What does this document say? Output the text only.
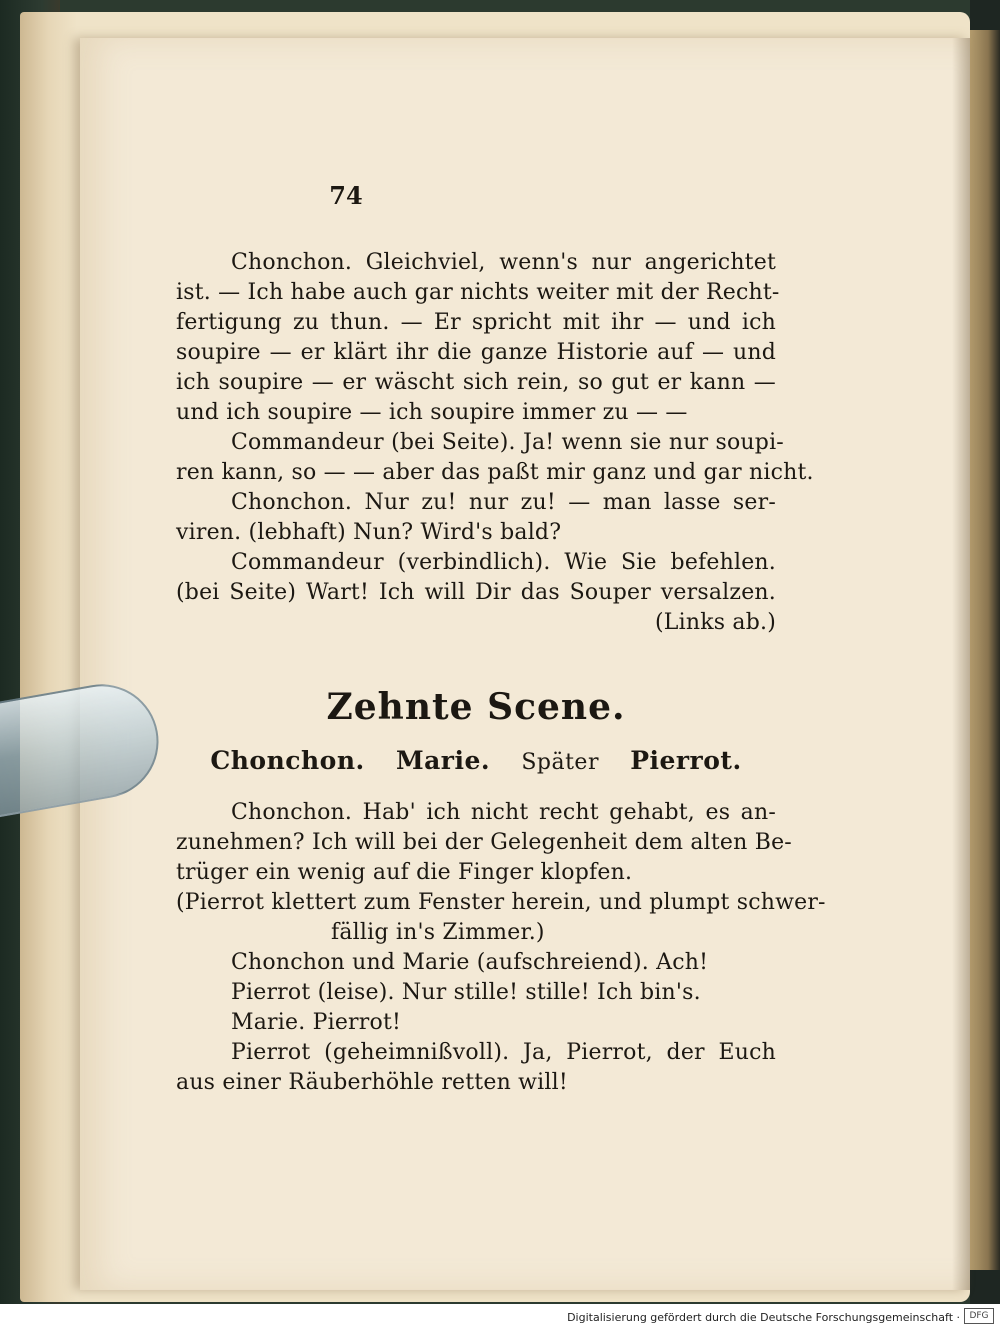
74
Chonchon. Gleichviel, wenn's nur angerichtet
ist. — Ich habe auch gar nichts weiter mit der Recht-
fertigung zu thun. — Er spricht mit ihr — und ich
soupire — er klärt ihr die ganze Historie auf — und
ich soupire — er wäscht sich rein, so gut er kann —
und ich soupire — ich soupire immer zu — —
Commandeur (bei Seite). Ja! wenn sie nur soupi-
ren kann, so — — aber das paßt mir ganz und gar nicht.
Chonchon. Nur zu! nur zu! — man lasse ser-
viren. (lebhaft) Nun? Wird's bald?
Commandeur (verbindlich). Wie Sie befehlen.
(bei Seite) Wart! Ich will Dir das Souper versalzen.
(Links ab.)
Zehnte Scene.
Chonchon. Marie. Später Pierrot.
Chonchon. Hab' ich nicht recht gehabt, es an-
zunehmen? Ich will bei der Gelegenheit dem alten Be-
trüger ein wenig auf die Finger klopfen.
(Pierrot klettert zum Fenster herein, und plumpt schwer-
fällig in's Zimmer.)
Chonchon und Marie (aufschreiend). Ach!
Pierrot (leise). Nur stille! stille! Ich bin's.
Marie. Pierrot!
Pierrot (geheimnißvoll). Ja, Pierrot, der Euch
aus einer Räuberhöhle retten will!
Digitalisierung gefördert durch die Deutsche Forschungsgemeinschaft ·	DFG
